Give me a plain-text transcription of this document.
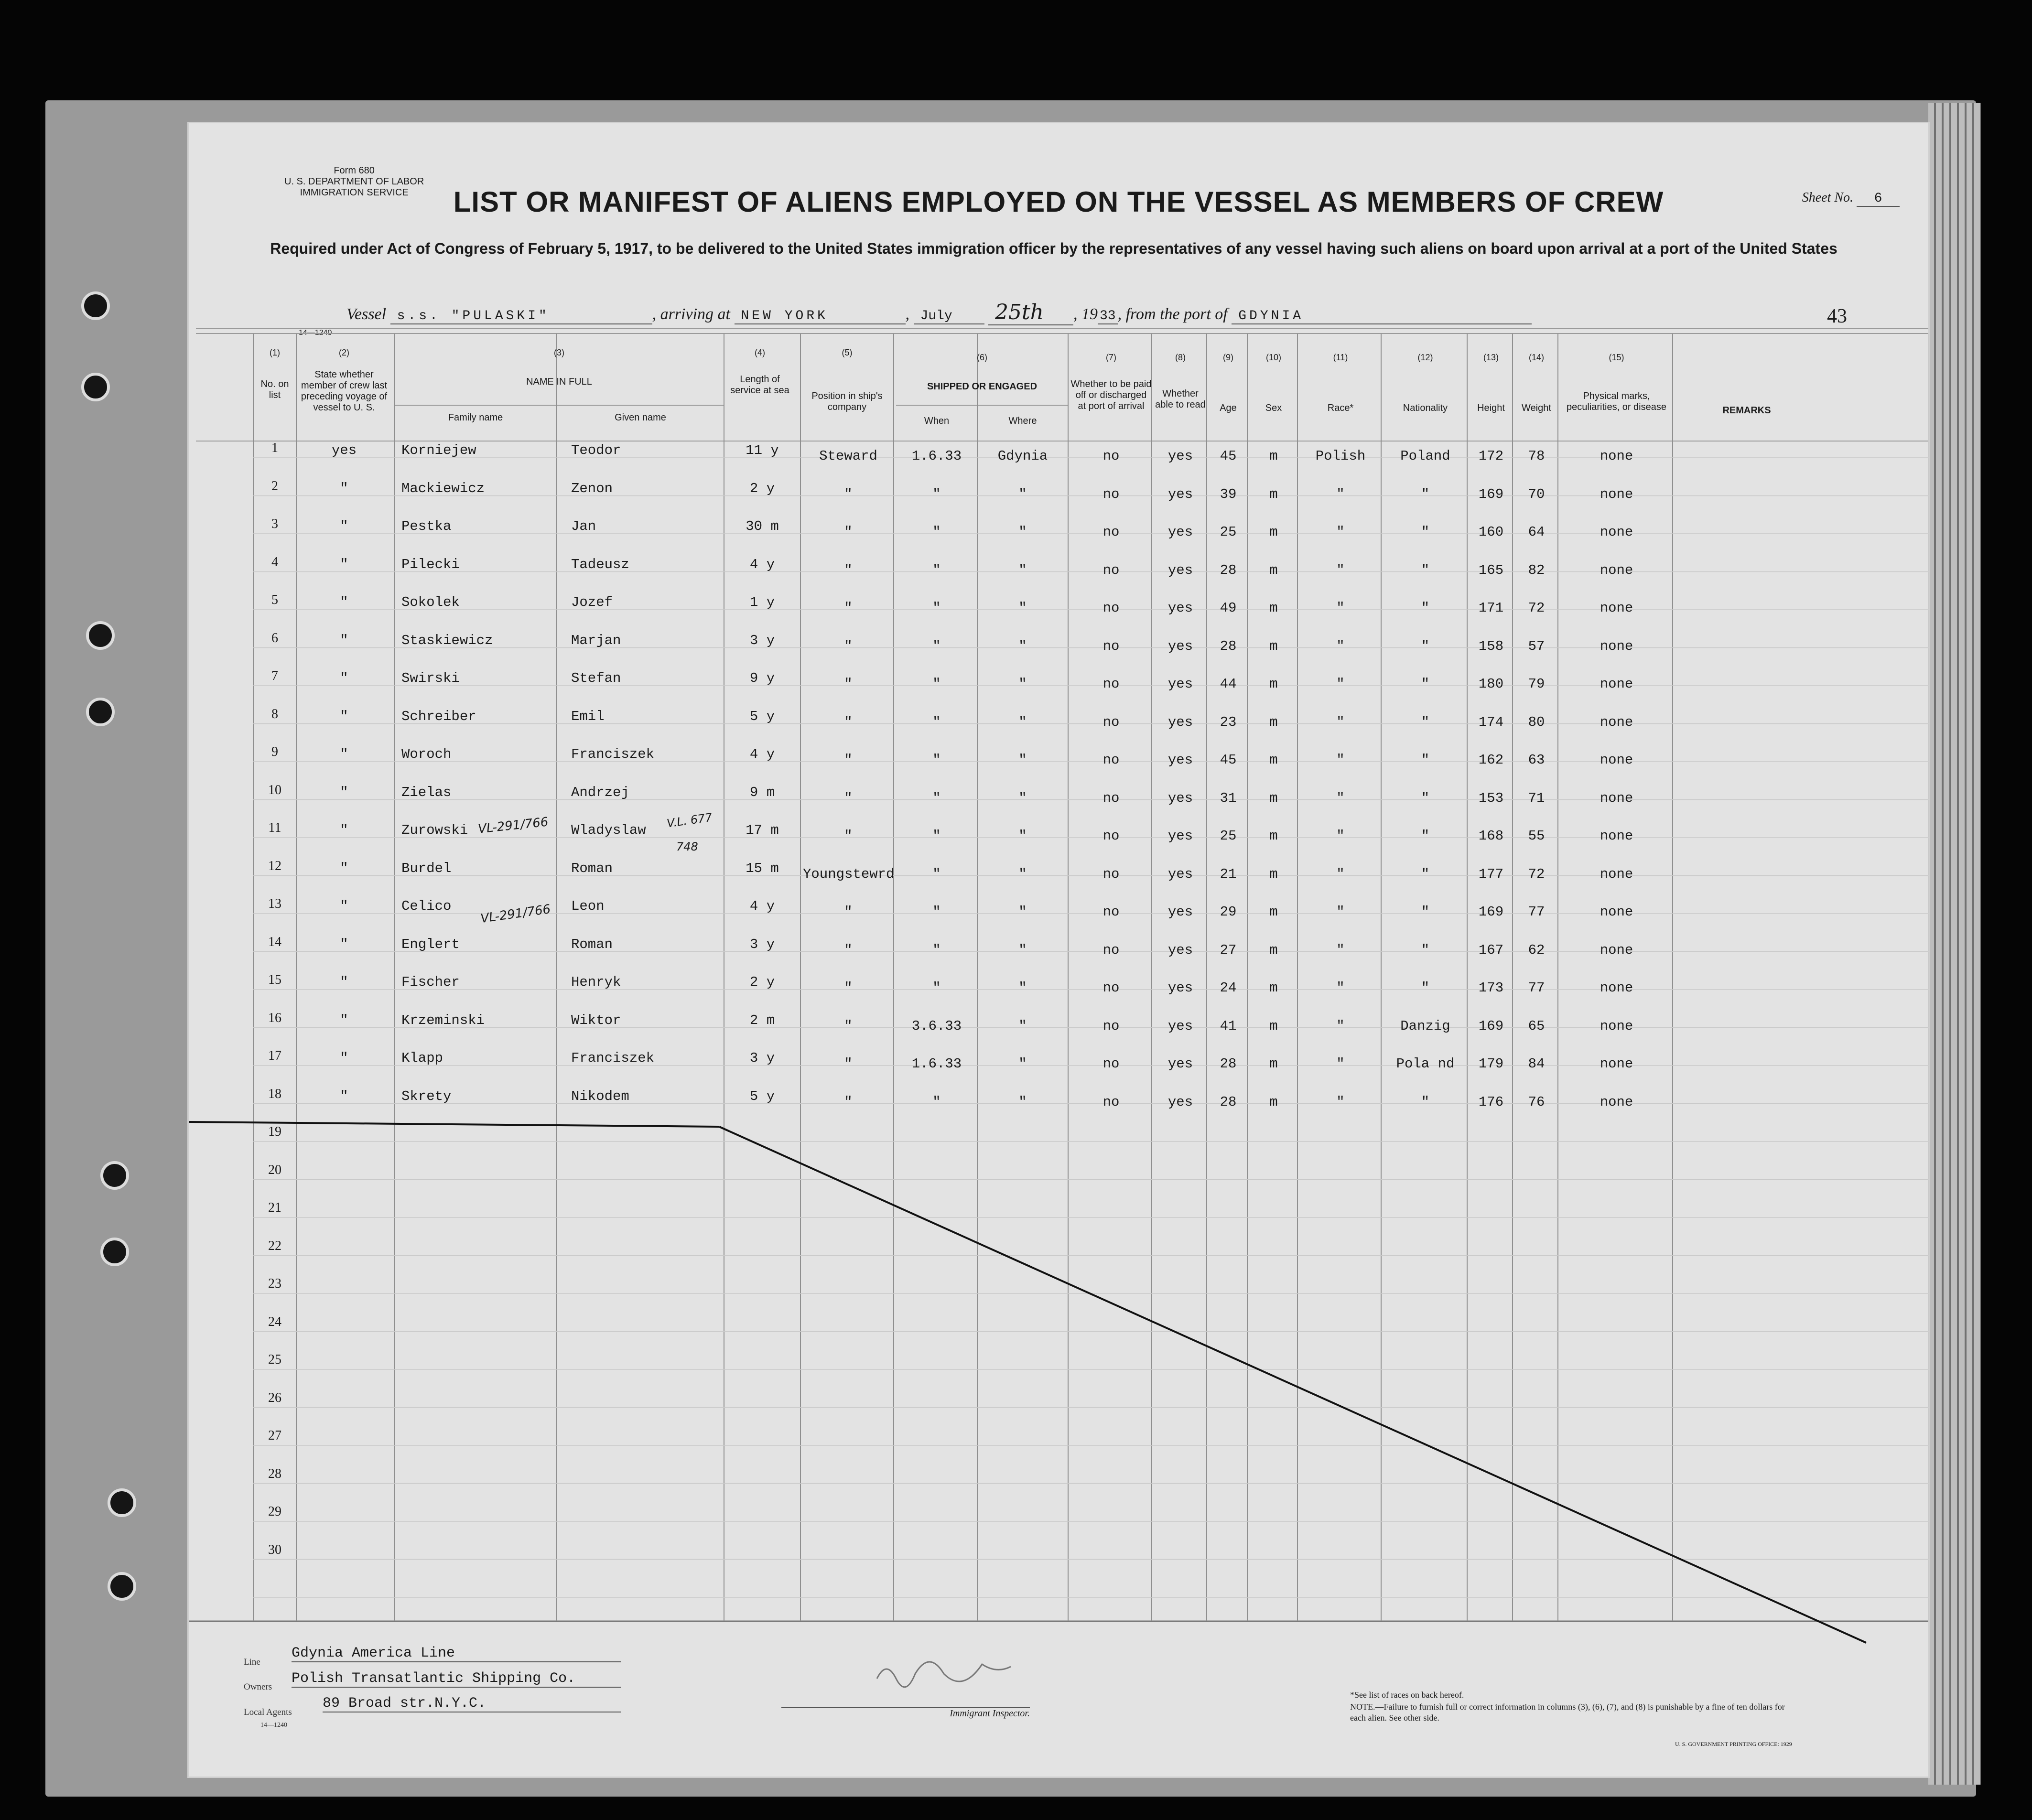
Form 680
U. S. DEPARTMENT OF LABOR
IMMIGRATION SERVICE	Sheet No. 6
LIST OR MANIFEST OF ALIENS EMPLOYED ON THE VESSEL AS MEMBERS OF CREW
Required under Act of Congress of February 5, 1917, to be delivered to the United States immigration officer by the representatives of any vessel having such aliens on board upon arrival at a port of the United States
Vessel s.s. "PULASKI"	, arriving at NEW YORK	, July 25th , 19 33 , from the port of GDYNIA	43
14—1240
(1)
No. on list
(2)
State whether member of crew last preceding voyage of vessel to U. S.
(3)
NAME IN FULL
Family name	Given name
(4)
Length of service at sea
(5)
Position in ship's company
(6)
SHIPPED OR ENGAGED
When	Where
(7)
Whether to be paid off or discharged at port of arrival
(8)
Whether able to read
(9)
Age
(10)
Sex
(11)
Race*
(12)
Nationality
(13)
Height
(14)
Weight
(15)
Physical marks, peculiarities, or disease	REMARKS
1	yes	Korniejew	Teodor	11 y	Steward	1.6.33	Gdynia	no	yes	45	m	Polish	Poland	172	78	none
2	"	Mackiewicz	Zenon	2 y	"	"	"	no	yes	39	m	"	"	169	70	none
3	"	Pestka	Jan	30 m	"	"	"	no	yes	25	m	"	"	160	64	none
4	"	Pilecki	Tadeusz	4 y	"	"	"	no	yes	28	m	"	"	165	82	none
5	"	Sokolek	Jozef	1 y	"	"	"	no	yes	49	m	"	"	171	72	none
6	"	Staskiewicz	Marjan	3 y	"	"	"	no	yes	28	m	"	"	158	57	none
7	"	Swirski	Stefan	9 y	"	"	"	no	yes	44	m	"	"	180	79	none
8	"	Schreiber	Emil	5 y	"	"	"	no	yes	23	m	"	"	174	80	none
9	"	Woroch	Franciszek	4 y	"	"	"	no	yes	45	m	"	"	162	63	none
10	"	Zielas	Andrzej	9 m	"	"	"	no	yes	31	m	"	"	153	71	none
11	"	Zurowski	Wladyslaw	17 m	"	"	"	no	yes	25	m	"	"	168	55	none
12	"	Burdel	Roman	15 m	Youngstewrd	"	"	no	yes	21	m	"	"	177	72	none
13	"	Celico	Leon	4 y	"	"	"	no	yes	29	m	"	"	169	77	none
14	"	Englert	Roman	3 y	"	"	"	no	yes	27	m	"	"	167	62	none
15	"	Fischer	Henryk	2 y	"	"	"	no	yes	24	m	"	"	173	77	none
16	"	Krzeminski	Wiktor	2 m	"	3.6.33	"	no	yes	41	m	"	Danzig	169	65	none
17	"	Klapp	Franciszek	3 y	"	1.6.33	"	no	yes	28	m	"	Pola nd	179	84	none
18	"	Skrety	Nikodem	5 y	"	"	"	no	yes	28	m	"	"	176	76	none
19
20
21
22
23
24
25
26
27
28
29
30
VL-291/766	V.L. 677
748
VL-291/766
Line
Gdynia America Line
Owners
Polish Transatlantic Shipping Co.
Local Agents
89 Broad str.N.Y.C.
14—1240
Immigrant Inspector.
*See list of races on back hereof.
NOTE.—Failure to furnish full or correct information in columns (3), (6), (7), and (8) is punishable by a fine of ten dollars for each alien. See other side.
U. S. GOVERNMENT PRINTING OFFICE: 1929
